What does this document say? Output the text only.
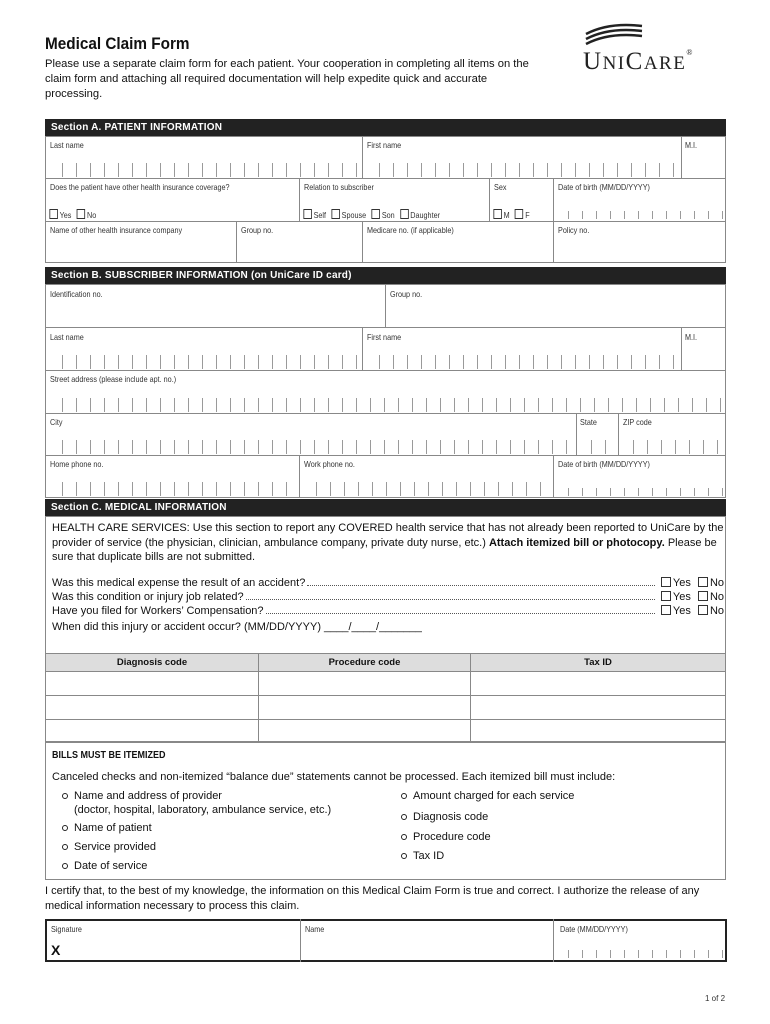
Medical Claim Form
Please use a separate claim form for each patient. Your cooperation in completing all items on the claim form and attaching all required documentation will help expedite quick and accurate processing.
UNICARE®
Section A. PATIENT INFORMATION
Last name	First name	M.I.
Does the patient have other health insurance coverage?	Relation to subscriber	Sex	Date of birth (MM/DD/YYYY)
Yes No	Self Spouse Son Daughter	M F
Name of other health insurance company	Group no.	Medicare no. (if applicable)	Policy no.
Section B. SUBSCRIBER INFORMATION (on UniCare ID card)
Identification no.	Group no.
Last name	First name	M.I.
Street address (please include apt. no.)
City	State	ZIP code
Home phone no.	Work phone no.	Date of birth (MM/DD/YYYY)
Section C. MEDICAL INFORMATION
HEALTH CARE SERVICES: Use this section to report any COVERED health service that has not already been reported to UniCare by the provider of service (the physician, clinician, ambulance company, private duty nurse, etc.) Attach itemized bill or photocopy. Please be sure that duplicate bills are not submitted.
Was this medical expense the result of an accident?	Yes No
Was this condition or injury job related?	Yes No
Have you filed for Workers’ Compensation?	Yes No
When did this injury or accident occur? (MM/DD/YYYY) ____/____/_______
Diagnosis code	Procedure code	Tax ID
BILLS MUST BE ITEMIZED
Canceled checks and non-itemized “balance due” statements cannot be processed. Each itemized bill must include:
Name and address of provider
(doctor, hospital, laboratory, ambulance service, etc.)
Name of patient
Service provided
Date of service
Amount charged for each service
Diagnosis code
Procedure code
Tax ID
I certify that, to the best of my knowledge, the information on this Medical Claim Form is true and correct. I authorize the release of any medical information necessary to process this claim.
Signature
X
Name	Date (MM/DD/YYYY)
1 of 2
